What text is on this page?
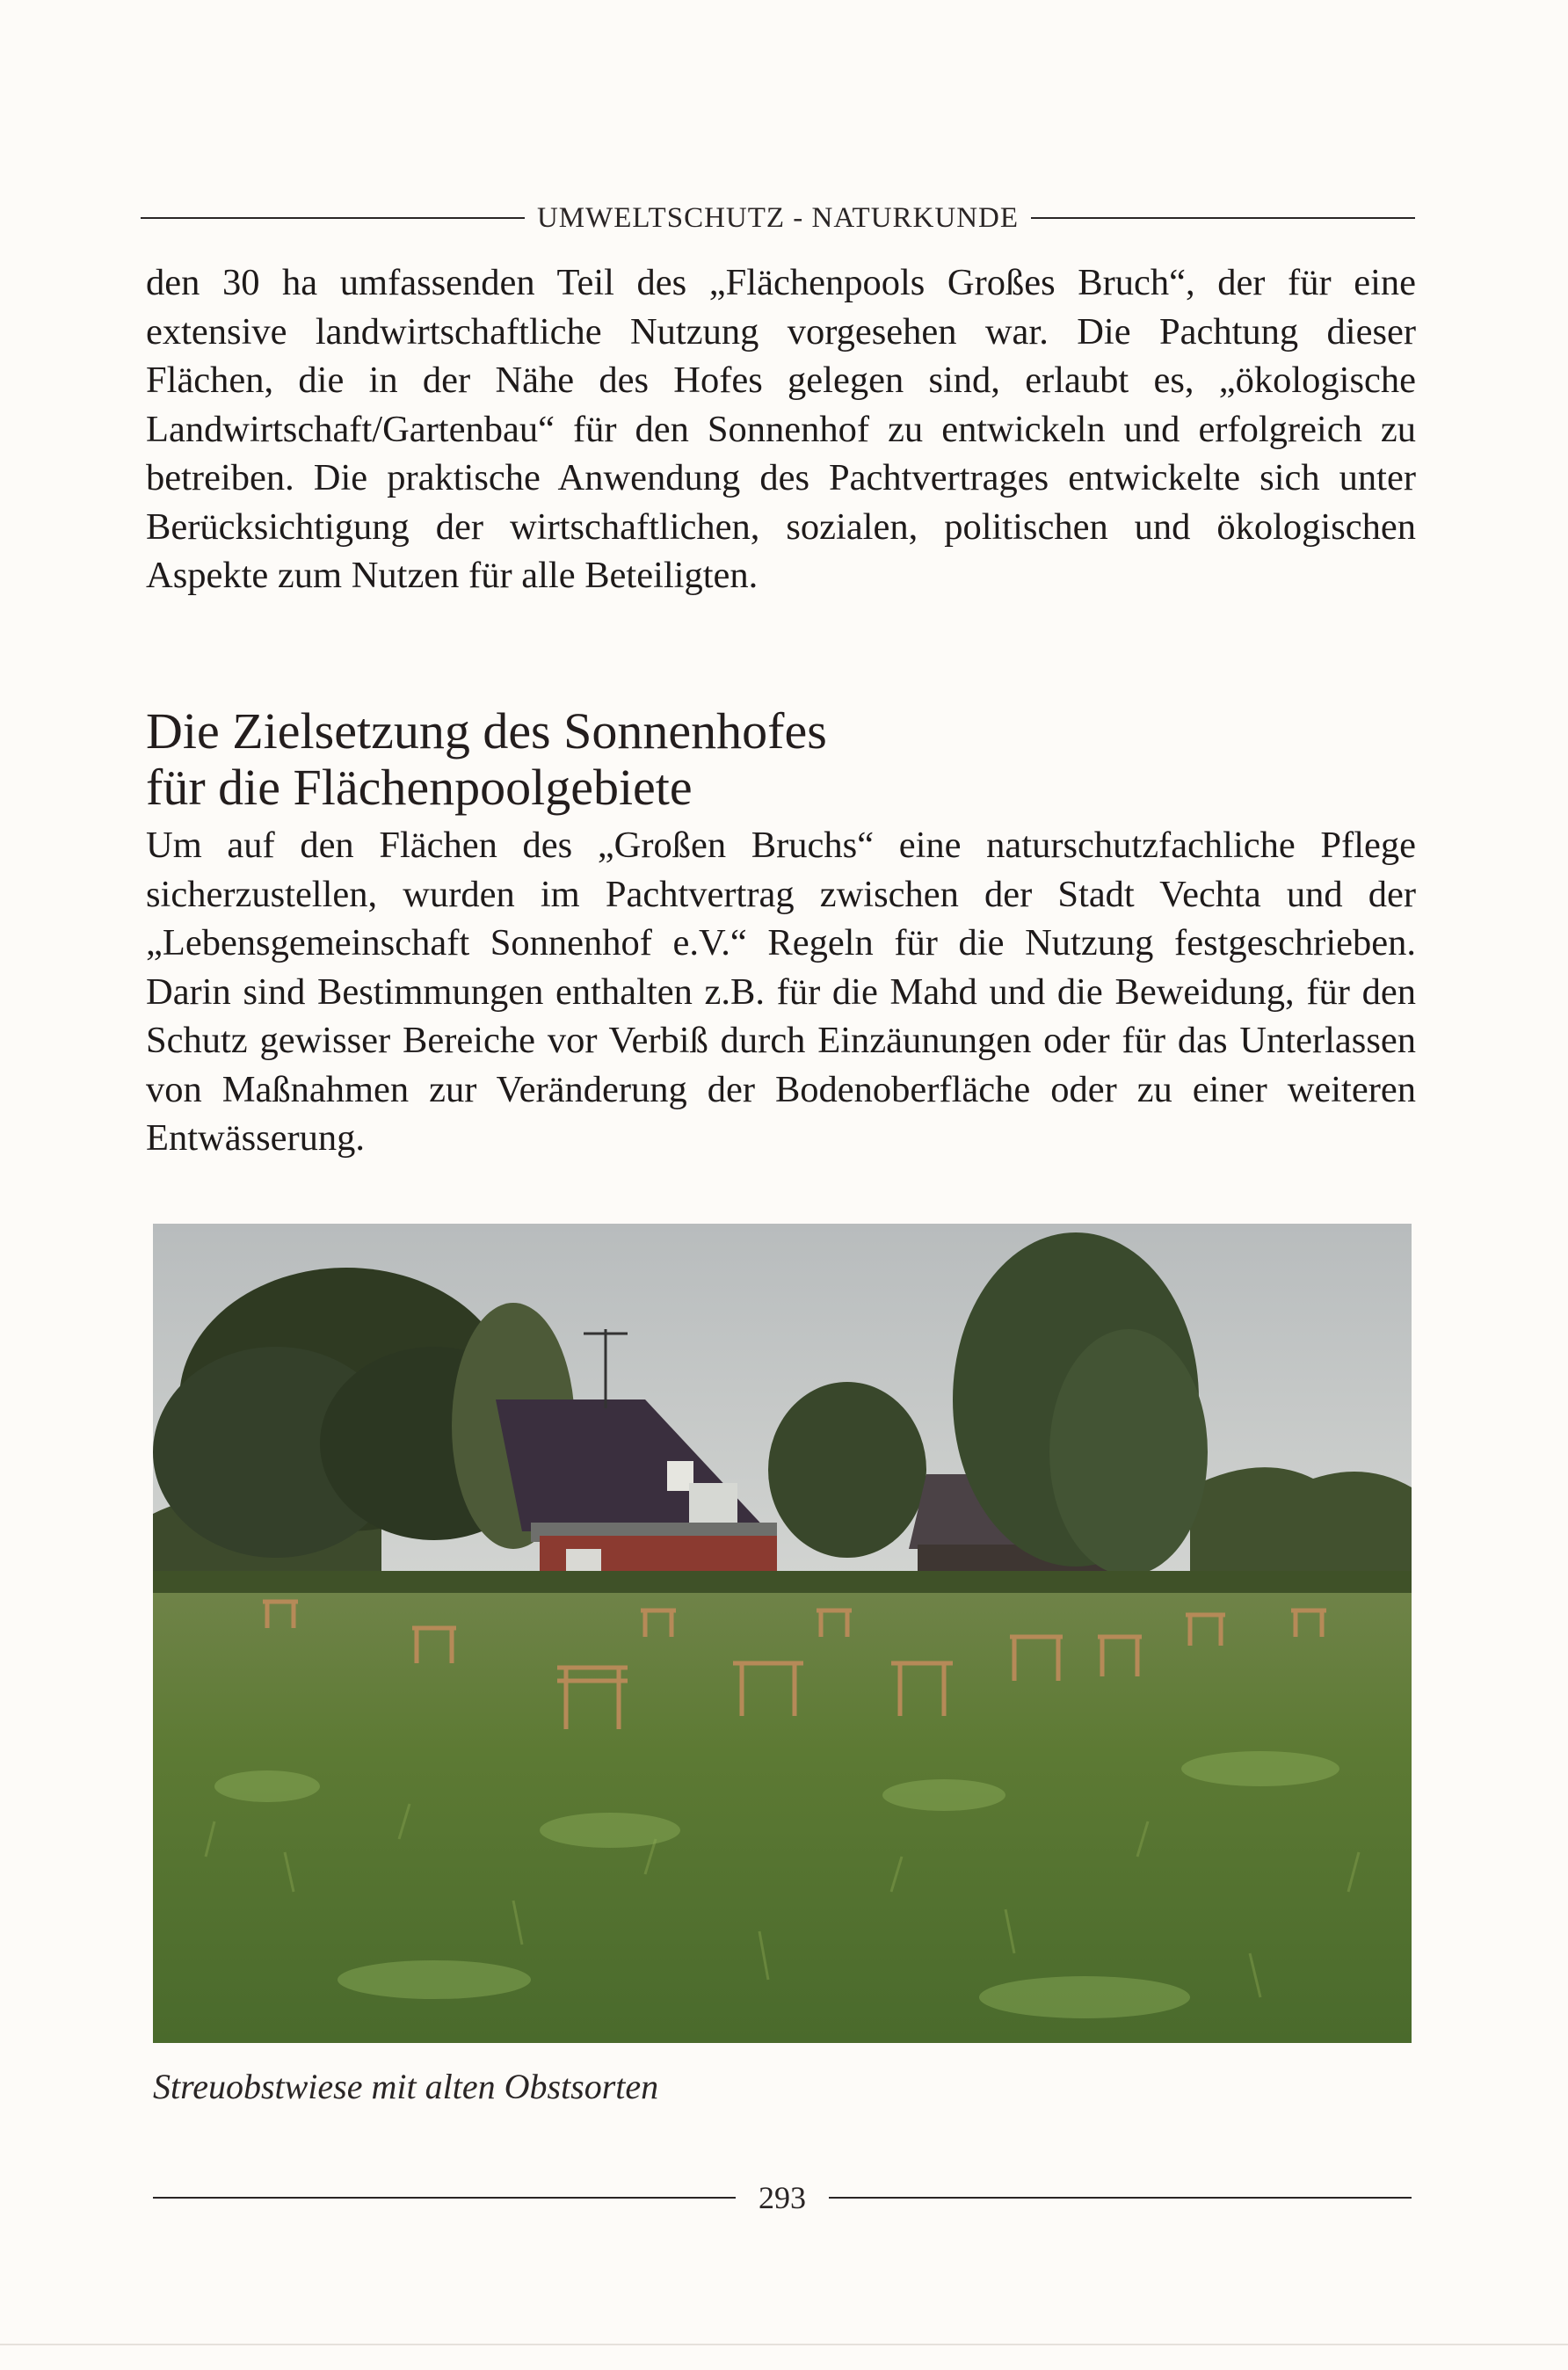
UMWELTSCHUTZ - NATURKUNDE

den 30 ha umfassenden Teil des „Flächenpools Großes Bruch“, der für eine extensive landwirtschaftliche Nutzung vorgesehen war. Die Pachtung dieser Flächen, die in der Nähe des Hofes gelegen sind, erlaubt es, „ökologische Landwirtschaft/Gartenbau“ für den Sonnenhof zu entwickeln und erfolgreich zu betreiben. Die praktische Anwendung des Pachtvertrages entwickelte sich unter Berücksichtigung der wirtschaftlichen, sozialen, politischen und ökologischen Aspekte zum Nutzen für alle Beteiligten.

Die Zielsetzung des Sonnenhofes
für die Flächenpoolgebiete

Um auf den Flächen des „Großen Bruchs“ eine naturschutzfachliche Pflege sicherzustellen, wurden im Pachtvertrag zwischen der Stadt Vechta und der „Lebensgemeinschaft Sonnenhof e.V.“ Regeln für die Nutzung festgeschrieben. Darin sind Bestimmungen enthalten z.B. für die Mahd und die Beweidung, für den Schutz gewisser Bereiche vor Verbiß durch Einzäunungen oder für das Unterlassen von Maßnahmen zur Veränderung der Bodenoberfläche oder zu einer weiteren Entwässerung.

Streuobstwiese mit alten Obstsorten
293
